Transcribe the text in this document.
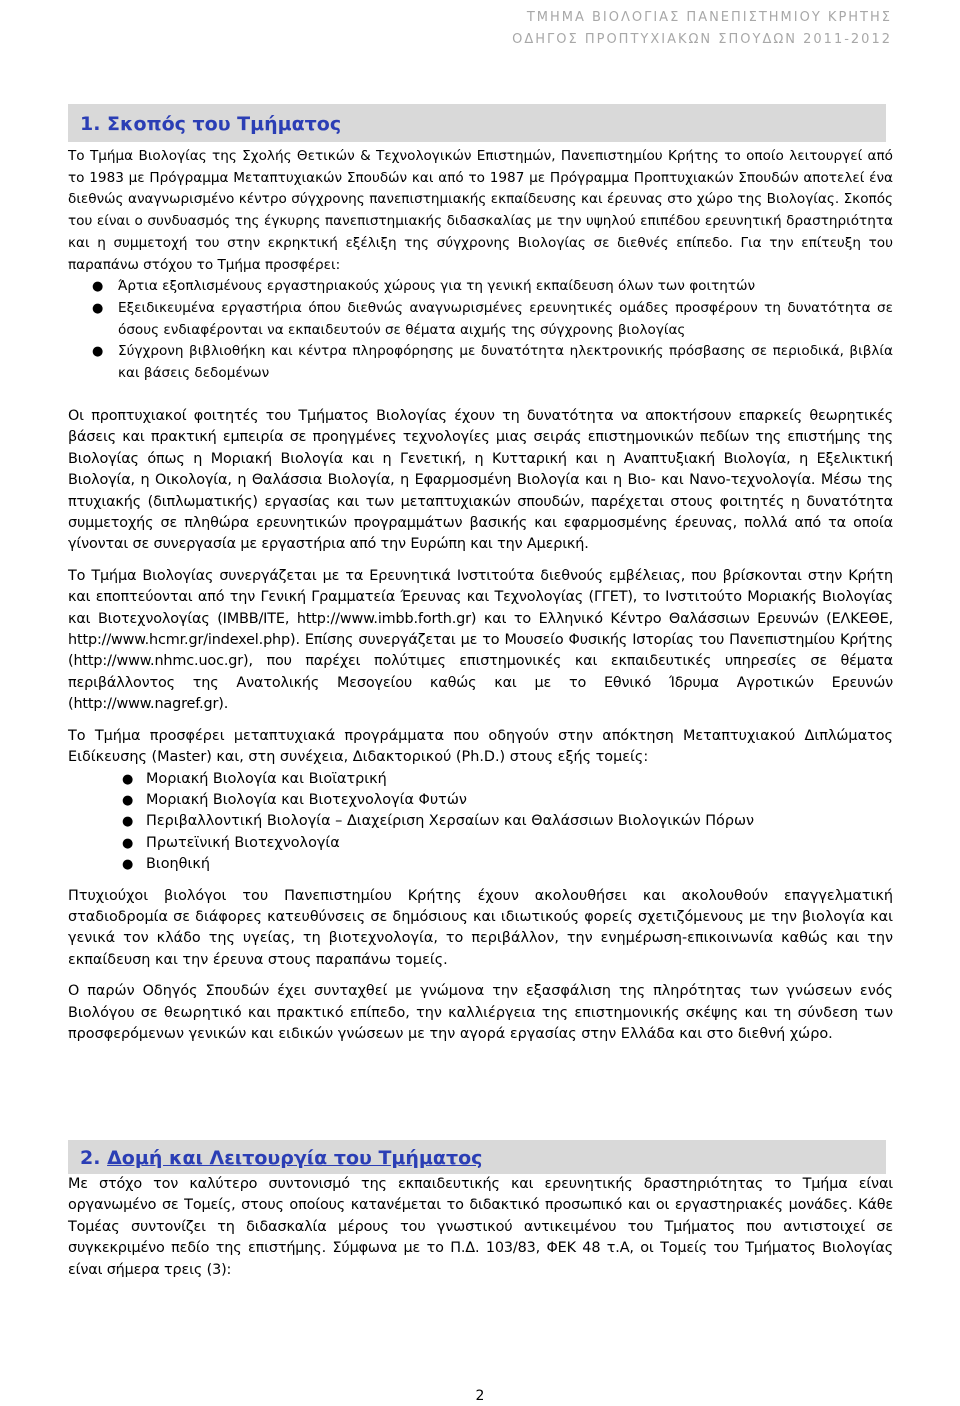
ΤΜΗΜΑ ΒΙΟΛΟΓΙΑΣ ΠΑΝΕΠΙΣΤΗΜΙΟΥ ΚΡΗΤΗΣ
ΟΔΗΓΟΣ ΠΡΟΠΤΥΧΙΑΚΩΝ ΣΠΟΥΔΩΝ 2011-2012
1. Σκοπός του Τμήματος

Το Τμήμα Βιολογίας της Σχολής Θετικών & Τεχνολογικών Επιστημών, Πανεπιστημίου Κρήτης το οποίο λειτουργεί από το 1983 με Πρόγραμμα Μεταπτυχιακών Σπουδών και από το 1987 με Πρόγραμμα Προπτυχιακών Σπουδών αποτελεί ένα διεθνώς αναγνωρισμένο κέντρο σύγχρονης πανεπιστημιακής εκπαίδευσης και έρευνας στο χώρο της Βιολογίας. Σκοπός του είναι ο συνδυασμός της έγκυρης πανεπιστημιακής διδασκαλίας με την υψηλού επιπέδου ερευνητική δραστηριότητα και η συμμετοχή του στην εκρηκτική εξέλιξη της σύγχρονης Βιολογίας σε διεθνές επίπεδο. Για την επίτευξη του παραπάνω στόχου το Τμήμα προσφέρει:

● Άρτια εξοπλισμένους εργαστηριακούς χώρους για τη γενική εκπαίδευση όλων των φοιτητών
● Εξειδικευμένα εργαστήρια όπου διεθνώς αναγνωρισμένες ερευνητικές ομάδες προσφέρουν τη δυνατότητα σε όσους ενδιαφέρονται να εκπαιδευτούν σε θέματα αιχμής της σύγχρονης βιολογίας
● Σύγχρονη βιβλιοθήκη και κέντρα πληροφόρησης με δυνατότητα ηλεκτρονικής πρόσβασης σε περιοδικά, βιβλία και βάσεις δεδομένων

Οι προπτυχιακοί φοιτητές του Τμήματος Βιολογίας έχουν τη δυνατότητα να αποκτήσουν επαρκείς θεωρητικές βάσεις και πρακτική εμπειρία σε προηγμένες τεχνολογίες μιας σειράς επιστημονικών πεδίων της επιστήμης της Βιολογίας όπως η Μοριακή Βιολογία και η Γενετική, η Κυτταρική και η Αναπτυξιακή Βιολογία, η Εξελικτική Βιολογία, η Οικολογία, η Θαλάσσια Βιολογία, η Εφαρμοσμένη Βιολογία και η Βιο- και Νανο-τεχνολογία. Μέσω της πτυχιακής (διπλωματικής) εργασίας και των μεταπτυχιακών σπουδών, παρέχεται στους φοιτητές η δυνατότητα συμμετοχής σε πληθώρα ερευνητικών προγραμμάτων βασικής και εφαρμοσμένης έρευνας, πολλά από τα οποία γίνονται σε συνεργασία με εργαστήρια από την Ευρώπη και την Αμερική.

Το Τμήμα Βιολογίας συνεργάζεται με τα Ερευνητικά Ινστιτούτα διεθνούς εμβέλειας, που βρίσκονται στην Κρήτη και εποπτεύονται από την Γενική Γραμματεία Έρευνας και Τεχνολογίας (ΓΓΕΤ), το Ινστιτούτο Μοριακής Βιολογίας και Βιοτεχνολογίας (ΙΜΒΒ/ΙΤΕ, http://www.imbb.forth.gr) και το Ελληνικό Κέντρο Θαλάσσιων Ερευνών (ΕΛΚΕΘΕ, http://www.hcmr.gr/indexel.php). Επίσης συνεργάζεται με το Μουσείο Φυσικής Ιστορίας του Πανεπιστημίου Κρήτης (http://www.nhmc.uoc.gr), που παρέχει πολύτιμες επιστημονικές και εκπαιδευτικές υπηρεσίες σε θέματα περιβάλλοντος της Ανατολικής Μεσογείου καθώς και με το Εθνικό Ίδρυμα Αγροτικών Ερευνών (http://www.nagref.gr).

Το Τμήμα προσφέρει μεταπτυχιακά προγράμματα που οδηγούν στην απόκτηση Μεταπτυχιακού Διπλώματος Ειδίκευσης (Master) και, στη συνέχεια, Διδακτορικού (Ph.D.) στους εξής τομείς:

● Μοριακή Βιολογία και Βιοϊατρική
● Μοριακή Βιολογία και Βιοτεχνολογία Φυτών
● Περιβαλλοντική Βιολογία – Διαχείριση Χερσαίων και Θαλάσσιων Βιολογικών Πόρων
● Πρωτεϊνική Βιοτεχνολογία
● Βιοηθική

Πτυχιούχοι βιολόγοι του Πανεπιστημίου Κρήτης έχουν ακολουθήσει και ακολουθούν επαγγελματική σταδιοδρομία σε διάφορες κατευθύνσεις σε δημόσιους και ιδιωτικούς φορείς σχετιζόμενους με την βιολογία και γενικά τον κλάδο της υγείας, τη βιοτεχνολογία, το περιβάλλον, την ενημέρωση-επικοινωνία καθώς και την εκπαίδευση και την έρευνα στους παραπάνω τομείς.

Ο παρών Οδηγός Σπουδών έχει συνταχθεί με γνώμονα την εξασφάλιση της πληρότητας των γνώσεων ενός Βιολόγου σε θεωρητικό και πρακτικό επίπεδο, την καλλιέργεια της επιστημονικής σκέψης και τη σύνδεση των προσφερόμενων γενικών και ειδικών γνώσεων με την αγορά εργασίας στην Ελλάδα και στο διεθνή χώρο.

2. Δομή και Λειτουργία του Τμήματος

Με στόχο τον καλύτερο συντονισμό της εκπαιδευτικής και ερευνητικής δραστηριότητας το Τμήμα είναι οργανωμένο σε Τομείς, στους οποίους κατανέμεται το διδακτικό προσωπικό και οι εργαστηριακές μονάδες. Κάθε Τομέας συντονίζει τη διδασκαλία μέρους του γνωστικού αντικειμένου του Τμήματος που αντιστοιχεί σε συγκεκριμένο πεδίο της επιστήμης. Σύμφωνα με το Π.Δ. 103/83, ΦΕΚ 48 τ.Α, οι Τομείς του Τμήματος Βιολογίας είναι σήμερα τρεις (3):

2
